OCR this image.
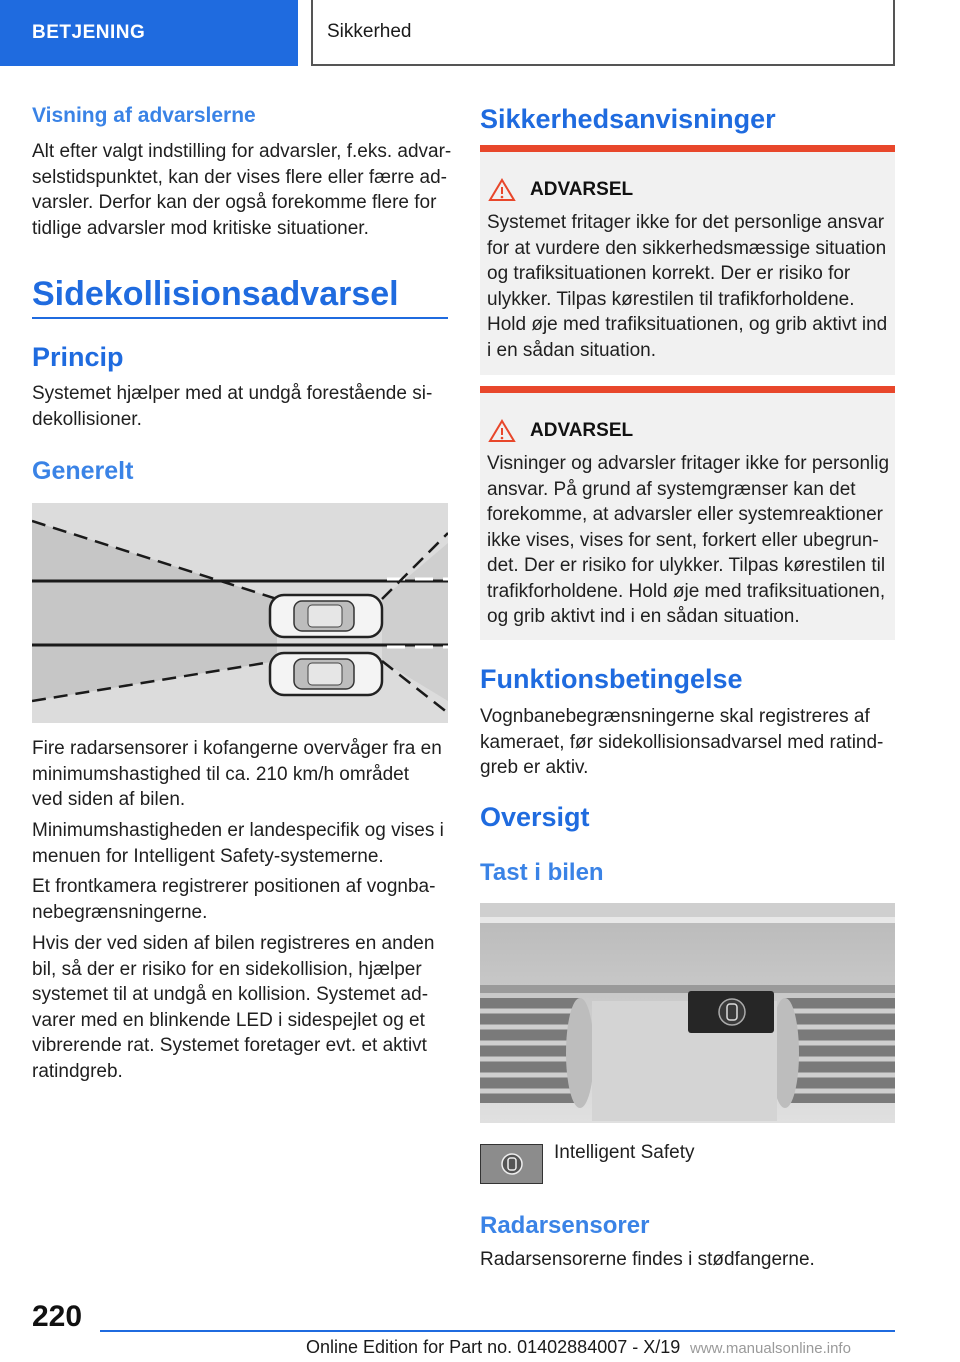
BETJENING	Sikkerhed
Visning af advarslerne
Alt efter valgt indstilling for advarsler, f.eks. advar-
selstidspunktet, kan der vises flere eller færre ad-
varsler. Derfor kan der også forekomme flere for
tidlige advarsler mod kritiske situationer.
Sidekollisionsadvarsel
Princip
Systemet hjælper med at undgå forestående si-
dekollisioner.
Generelt
Fire radarsensorer i kofangerne overvåger fra en
minimumshastighed til ca. 210 km/h området
ved siden af bilen.
Minimumshastigheden er landespecifik og vises i
menuen for Intelligent Safety-systemerne.
Et frontkamera registrerer positionen af vognba-
nebegrænsningerne.
Hvis der ved siden af bilen registreres en anden
bil, så der er risiko for en sidekollision, hjælper
systemet til at undgå en kollision. Systemet ad-
varer med en blinkende LED i sidespejlet og et
vibrerende rat. Systemet foretager evt. et aktivt
ratindgreb.
Sikkerhedsanvisninger
ADVARSEL
Systemet fritager ikke for det personlige ansvar
for at vurdere den sikkerhedsmæssige situation
og trafiksituationen korrekt. Der er risiko for
ulykker. Tilpas kørestilen til trafikforholdene.
Hold øje med trafiksituationen, og grib aktivt ind
i en sådan situation.
ADVARSEL
Visninger og advarsler fritager ikke for personlig
ansvar. På grund af systemgrænser kan det
forekomme, at advarsler eller systemreaktioner
ikke vises, vises for sent, forkert eller ubegrun-
det. Der er risiko for ulykker. Tilpas kørestilen til
trafikforholdene. Hold øje med trafiksituationen,
og grib aktivt ind i en sådan situation.
Funktionsbetingelse
Vognbanebegrænsningerne skal registreres af
kameraet, før sidekollisionsadvarsel med ratind-
greb er aktiv.
Oversigt
Tast i bilen
Intelligent Safety
Radarsensorer
Radarsensorerne findes i stødfangerne.
220
Online Edition for Part no. 01402884007 - X/19 www.manualsonline.info
